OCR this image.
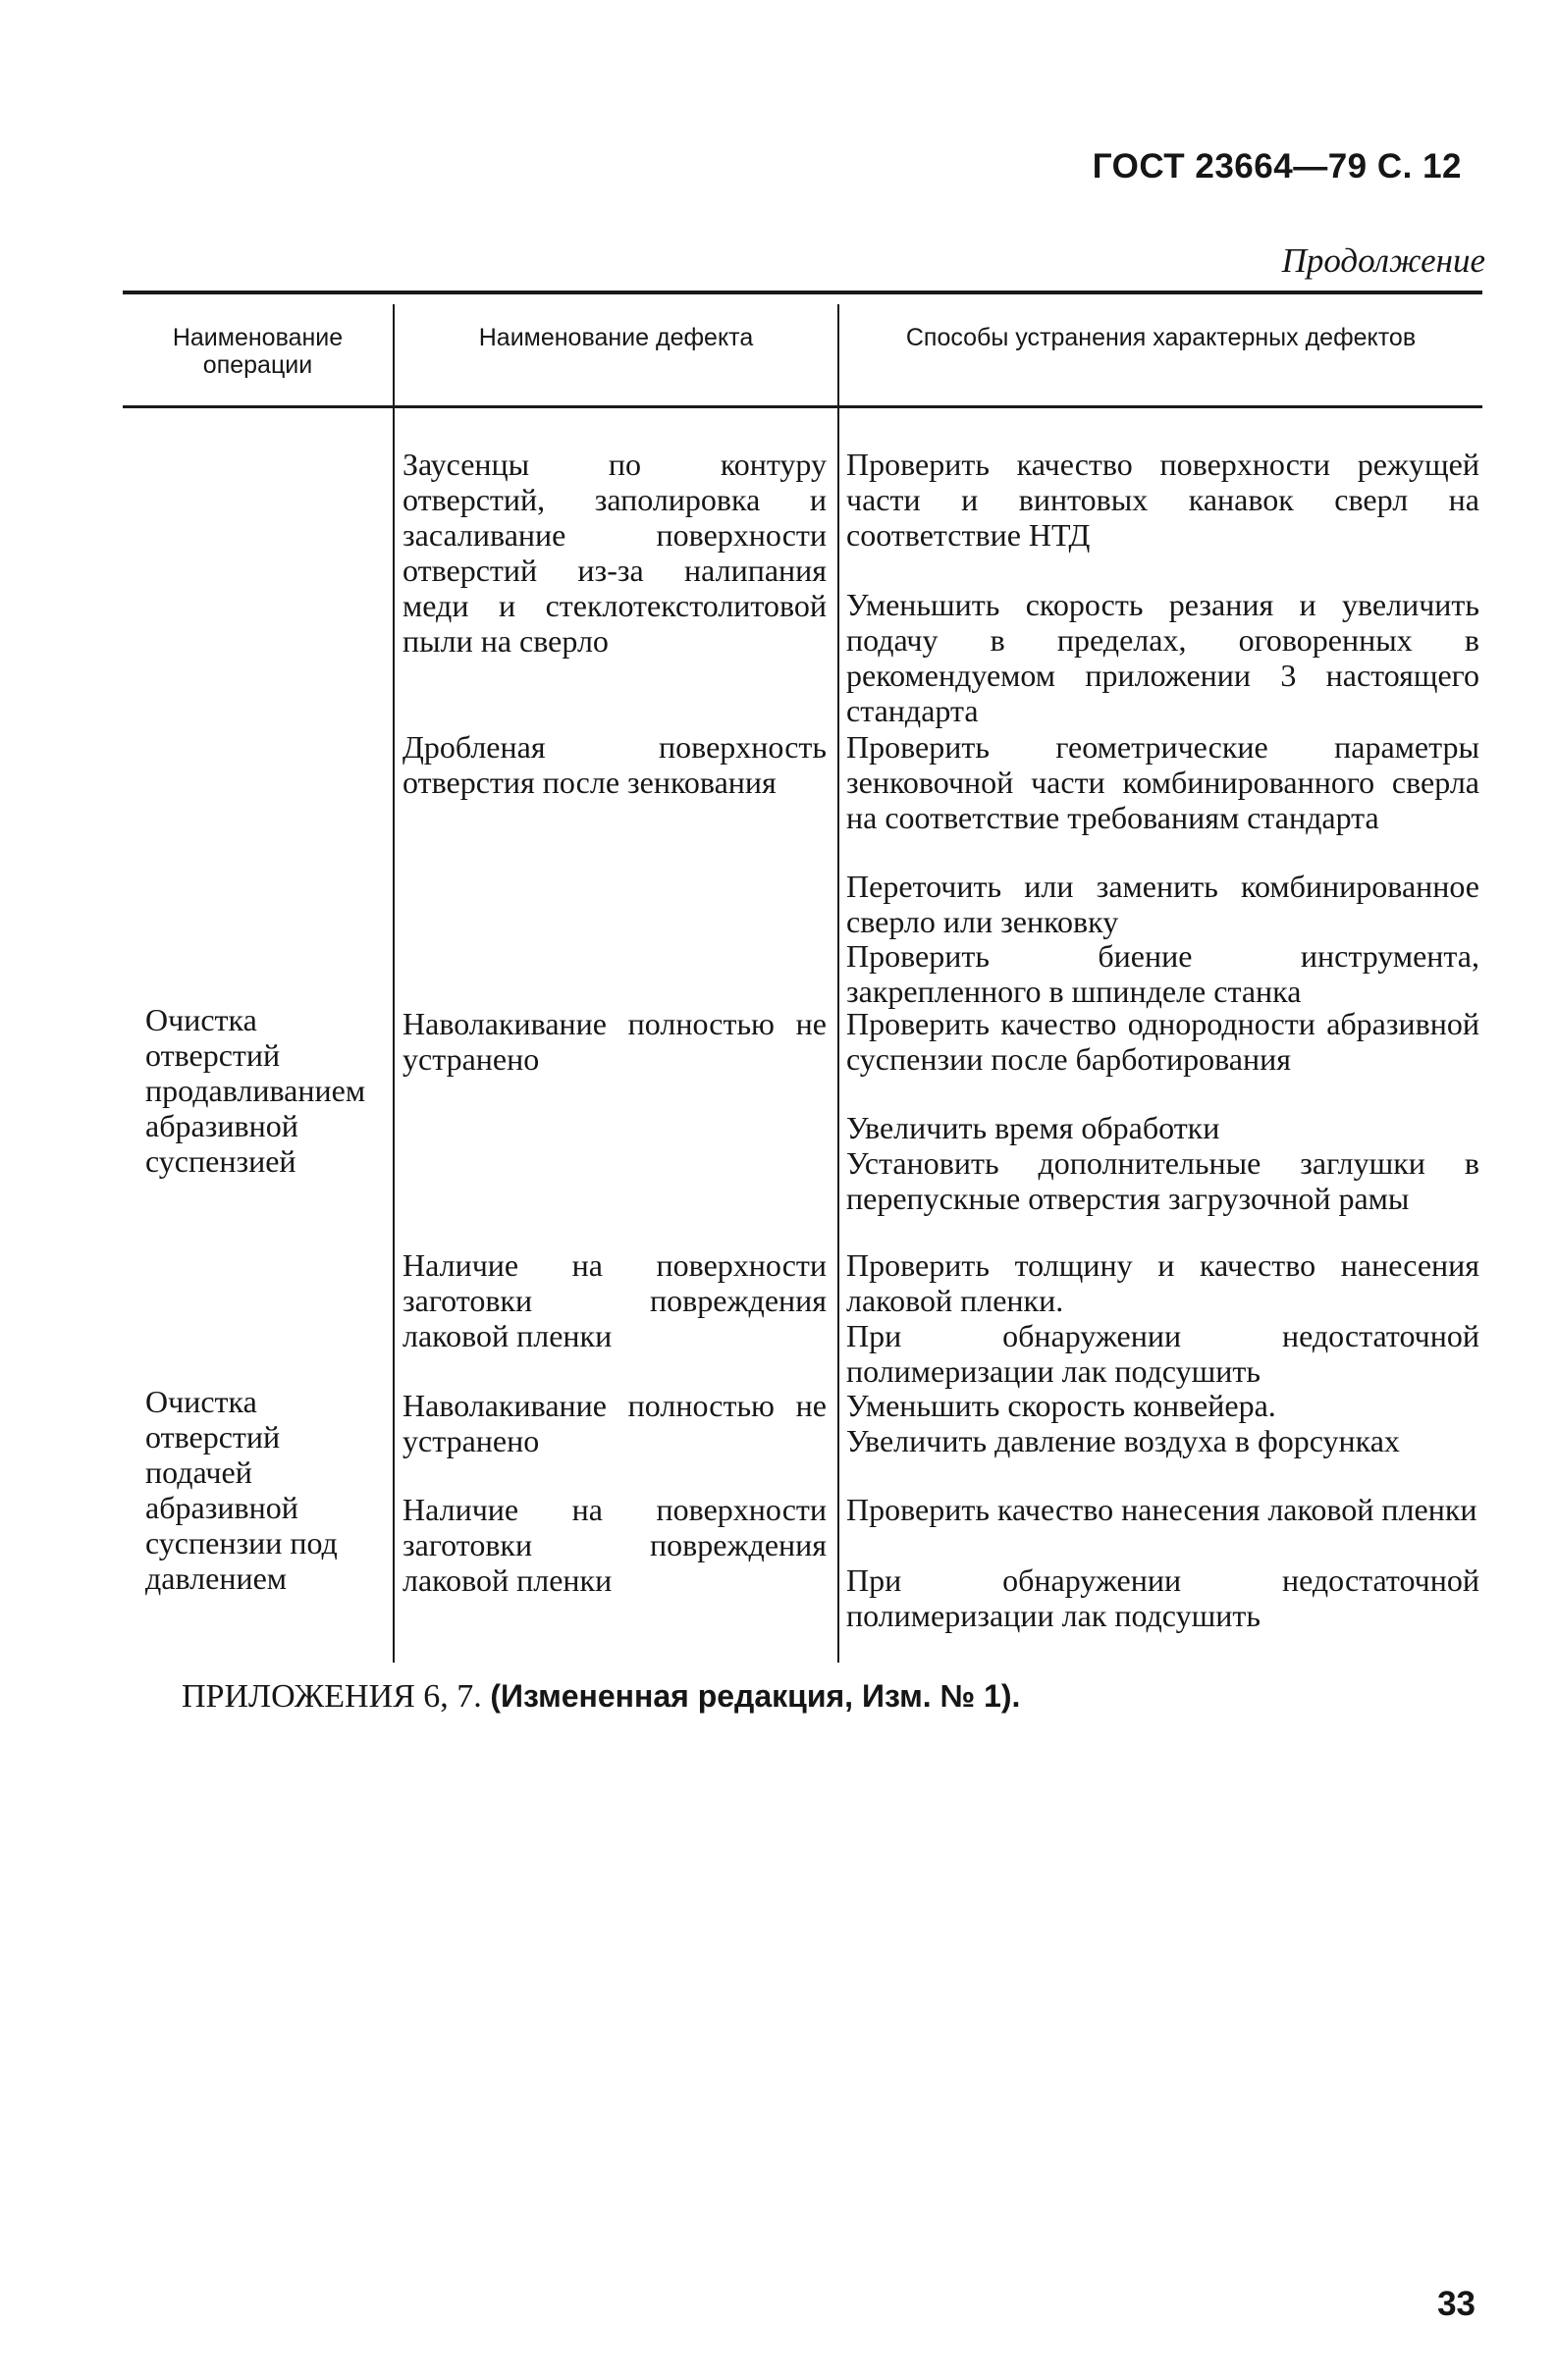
ГОСТ 23664—79 С. 12
Продолжение
Наименование операции
Наименование дефекта	Способы устранения характерных дефектов
Очистка отверстий продавливанием абразивной суспензией
Очистка отверстий подачей абразивной суспензии под давлением
Заусенцы по контуру отверстий, заполировка и засаливание поверхности отверстий из-за налипания меди и стеклотекстолитовой пыли на сверло
Дробленая поверхность отверстия после зенкования
Наволакивание полностью не устранено
Наличие на поверхности заготовки повреждения лаковой пленки
Наволакивание полностью не устранено
Наличие на поверхности заготовки повреждения лаковой пленки
Проверить качество поверхности режущей части и винтовых канавок сверл на соответствие НТД
Уменьшить скорость резания и увеличить подачу в пределах, оговоренных в рекомендуемом приложении 3 настоящего стандарта
Проверить геометрические параметры зенковочной части комбинированного сверла на соответствие требованиям стандарта
Переточить или заменить комбинированное сверло или зенковку
Проверить биение инструмента, закрепленного в шпинделе станка
Проверить качество однородности абразивной суспензии после барботирования
Увеличить время обработки
Установить дополнительные заглушки в перепускные отверстия загрузочной рамы
Проверить толщину и качество нанесения лаковой пленки.
При обнаружении недостаточной полимеризации лак подсушить
Уменьшить скорость конвейера.
Увеличить давление воздуха в форсунках
Проверить качество нанесения лаковой пленки
При обнаружении недостаточной полимеризации лак подсушить
ПРИЛОЖЕНИЯ 6, 7. (Измененная редакция, Изм. № 1).
33
